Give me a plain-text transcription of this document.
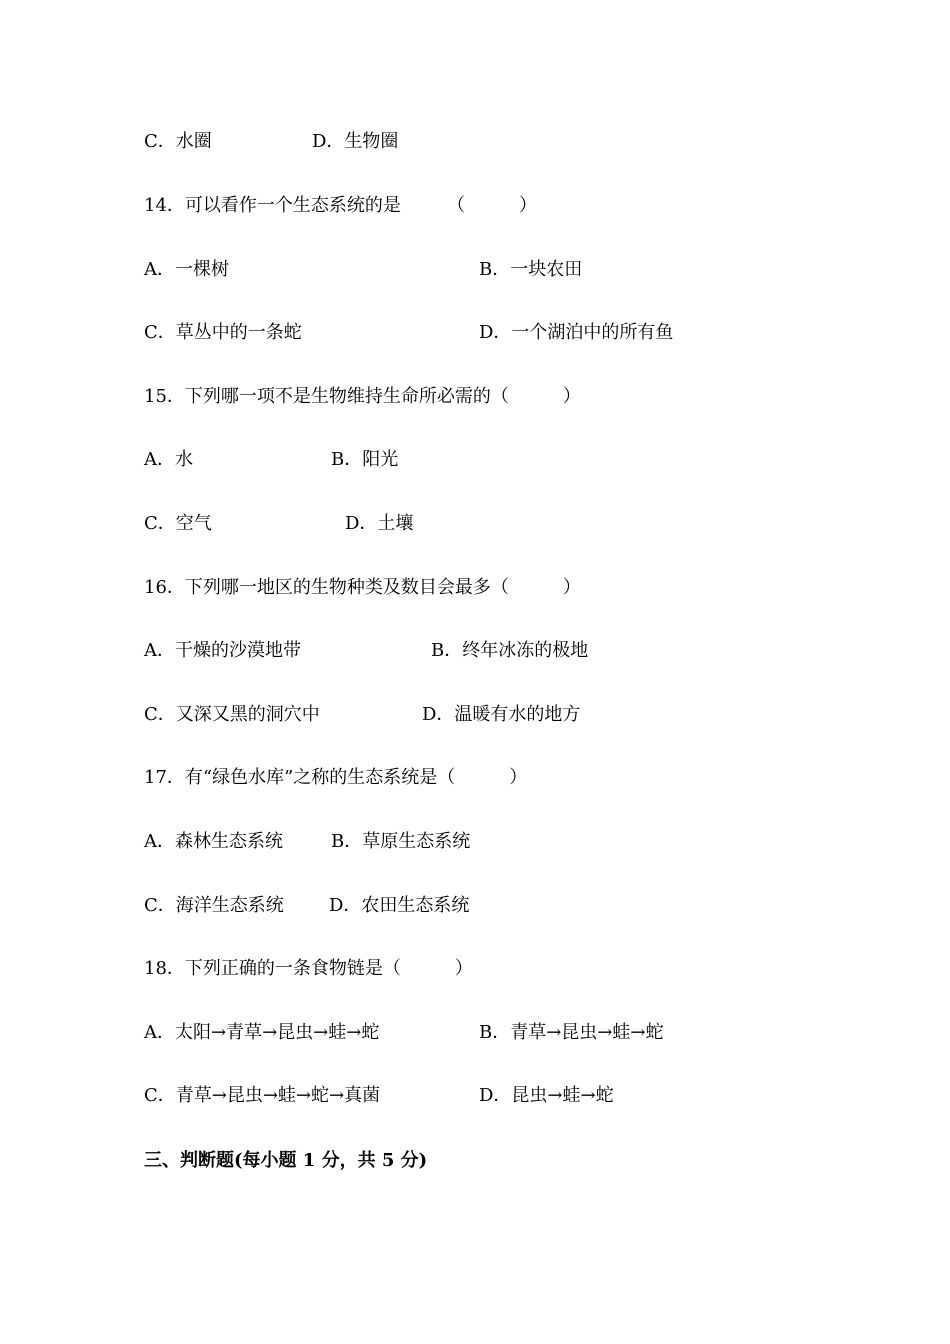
C．水圈

	D．生物圈

14．可以看作一个生态系统的是

	（　　　）

A．一棵树

	B．一块农田

C．草丛中的一条蛇

	D．一个湖泊中的所有鱼

15．下列哪一项不是生物维持生命所必需的（　　　）

A．水

	B．阳光

C．空气

	D．土壤

16．下列哪一地区的生物种类及数目会最多（　　　）

A．干燥的沙漠地带

	B．终年冰冻的极地

C．又深又黑的洞穴中

	D．温暖有水的地方

17．有“绿色水库”之称的生态系统是（　　　）

A．森林生态系统

	B．草原生态系统

C．海洋生态系统

	D．农田生态系统

18．下列正确的一条食物链是（　　　）

A．太阳→青草→昆虫→蛙→蛇

	B．青草→昆虫→蛙→蛇

C．青草→昆虫→蛙→蛇→真菌

	D．昆虫→蛙→蛇

三、判断题(每小题 1 分，共 5 分)
